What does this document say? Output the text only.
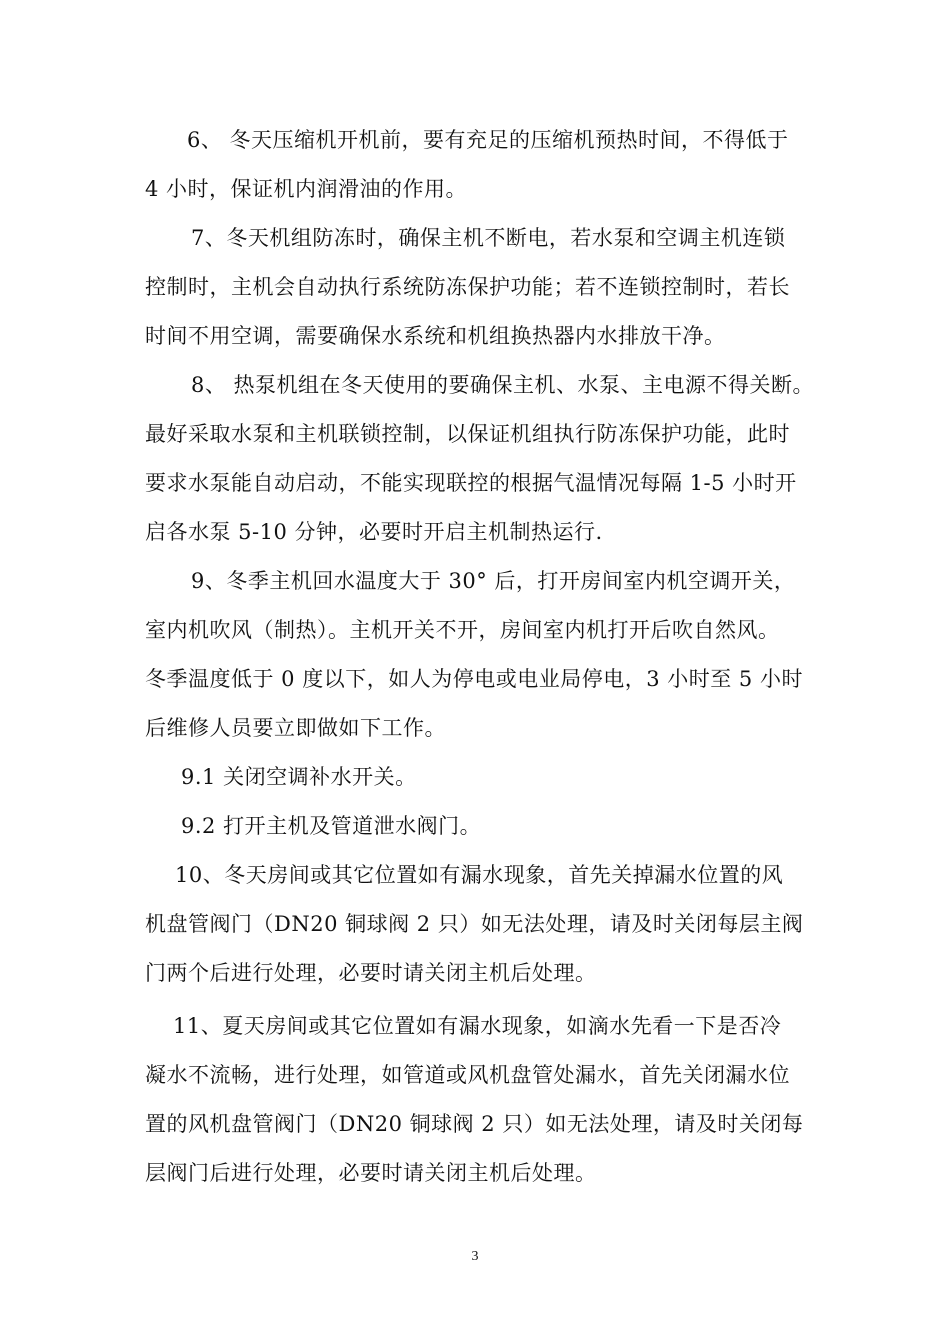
6、 冬天压缩机开机前，要有充足的压缩机预热时间，不得低于
4 小时，保证机内润滑油的作用。
7、冬天机组防冻时，确保主机不断电，若水泵和空调主机连锁
控制时，主机会自动执行系统防冻保护功能；若不连锁控制时，若长
时间不用空调，需要确保水系统和机组换热器内水排放干净。
8、 热泵机组在冬天使用的要确保主机、水泵、主电源不得关断。
最好采取水泵和主机联锁控制，以保证机组执行防冻保护功能，此时
要求水泵能自动启动，不能实现联控的根据气温情况每隔 1-5 小时开
启各水泵 5-10 分钟，必要时开启主机制热运行.
9、冬季主机回水温度大于 30° 后，打开房间室内机空调开关，
室内机吹风（制热）。主机开关不开，房间室内机打开后吹自然风。
冬季温度低于 0 度以下，如人为停电或电业局停电，3 小时至 5 小时
后维修人员要立即做如下工作。
9.1 关闭空调补水开关。
9.2 打开主机及管道泄水阀门。
10、冬天房间或其它位置如有漏水现象，首先关掉漏水位置的风
机盘管阀门（DN20 铜球阀 2 只）如无法处理，请及时关闭每层主阀
门两个后进行处理，必要时请关闭主机后处理。
11、夏天房间或其它位置如有漏水现象，如滴水先看一下是否冷
凝水不流畅，进行处理，如管道或风机盘管处漏水，首先关闭漏水位
置的风机盘管阀门（DN20 铜球阀 2 只）如无法处理，请及时关闭每
层阀门后进行处理，必要时请关闭主机后处理。
3
